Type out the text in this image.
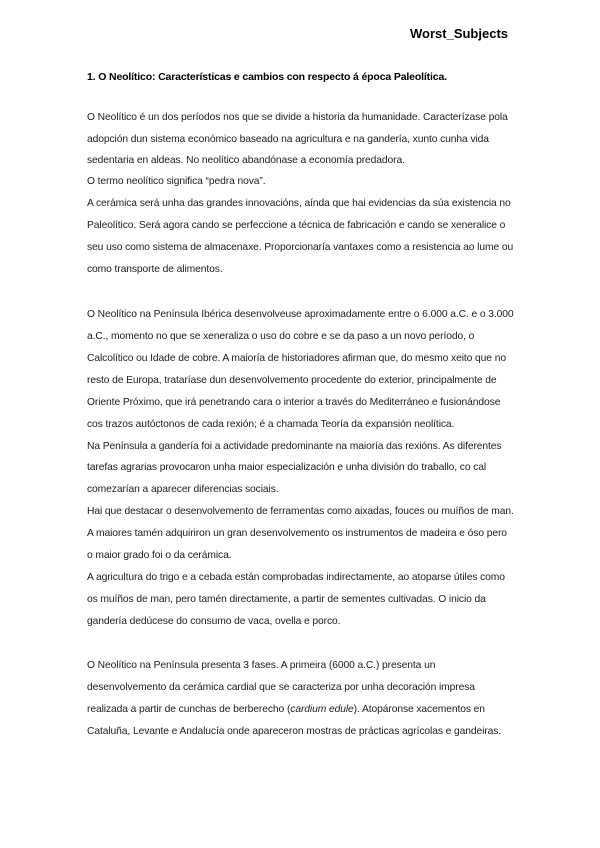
Worst_Subjects
1. O Neolítico: Características e cambios con respecto á época Paleolítica.
O Neolítico é un dos períodos nos que se divide a historia da humanidade. Caracterízase pola
adopción dun sistema económico baseado na agricultura e na gandería, xunto cunha vida
sedentaria en aldeas. No neolítico abandónase a economía predadora.
O termo neolítico significa “pedra nova”.
A cerámica será unha das grandes innovacións, aínda que hai evidencias da súa existencia no
Paleolítico. Será agora cando se perfeccione a técnica de fabricación e cando se xeneralice o
seu uso como sistema de almacenaxe. Proporcionaría vantaxes como a resistencia ao lume ou
como transporte de alimentos.
O Neolítico na Península Ibérica desenvolveuse aproximadamente entre o 6.000 a.C. e o 3.000
a.C., momento no que se xeneraliza o uso do cobre e se da paso a un novo período, o
Calcolítico ou Idade de cobre. A maioría de historiadores afirman que, do mesmo xeito que no
resto de Europa, trataríase dun desenvolvemento procedente do exterior, principalmente de
Oriente Próximo, que irá penetrando cara o interior a través do Mediterráneo e fusionándose
cos trazos autóctonos de cada rexión; é a chamada Teoría da expansión neolítica.
Na Península a gandería foi a actividade predominante na maioría das rexións. As diferentes
tarefas agrarias provocaron unha maior especialización e unha división do traballo, co cal
comezarían a aparecer diferencias sociais.
Hai que destacar o desenvolvemento de ferramentas como aixadas, fouces ou muíños de man.
A maiores tamén adquiriron un gran desenvolvemento os instrumentos de madeira e óso pero
o maior grado foi o da cerámica.
A agricultura do trigo e a cebada están comprobadas indirectamente, ao atoparse útiles como
os muíños de man, pero tamén directamente, a partir de sementes cultivadas. O inicio da
gandería dedúcese do consumo de vaca, ovella e porco.
O Neolítico na Península presenta 3 fases. A primeira (6000 a.C.) presenta un
desenvolvemento da cerámica cardial que se caracteriza por unha decoración impresa
realizada a partir de cunchas de berberecho (cardium edule). Atopáronse xacementos en
Cataluña, Levante e Andalucía onde apareceron mostras de prácticas agrícolas e gandeiras.
